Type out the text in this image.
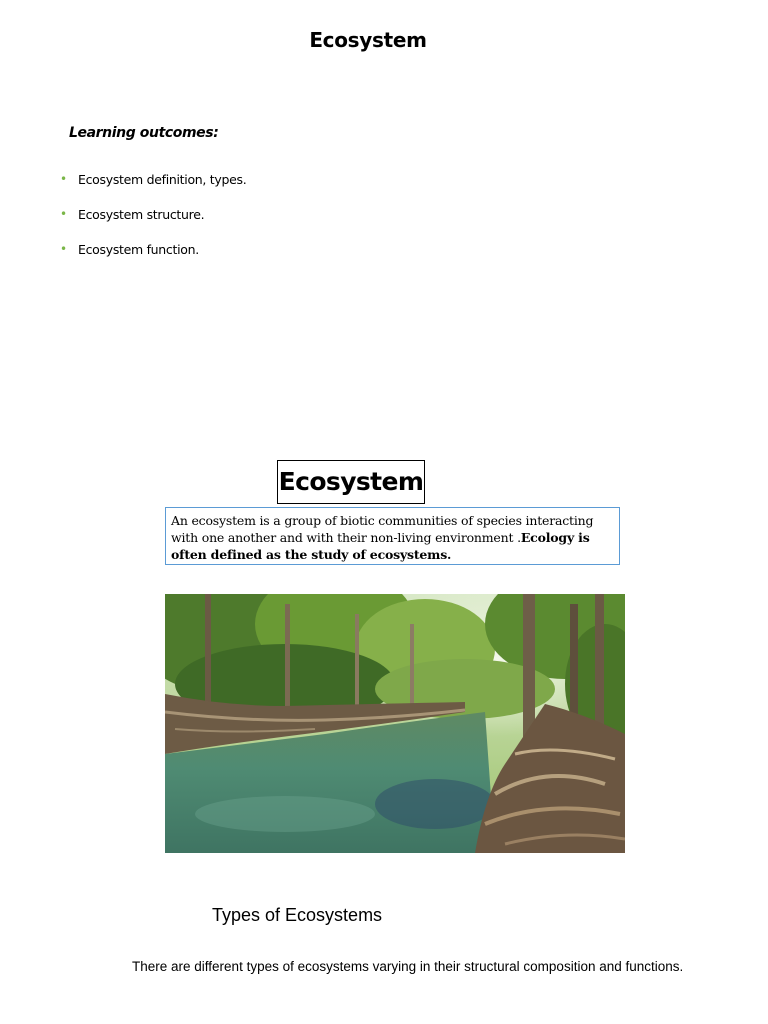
Ecosystem
Learning outcomes:
• Ecosystem definition, types.
• Ecosystem structure.
• Ecosystem function.
Ecosystem
An ecosystem is a group of biotic communities of species interacting with one another and with their non-living environment .Ecology is often defined as the study of ecosystems.
Types of Ecosystems
There are different types of ecosystems varying in their structural composition and functions.
